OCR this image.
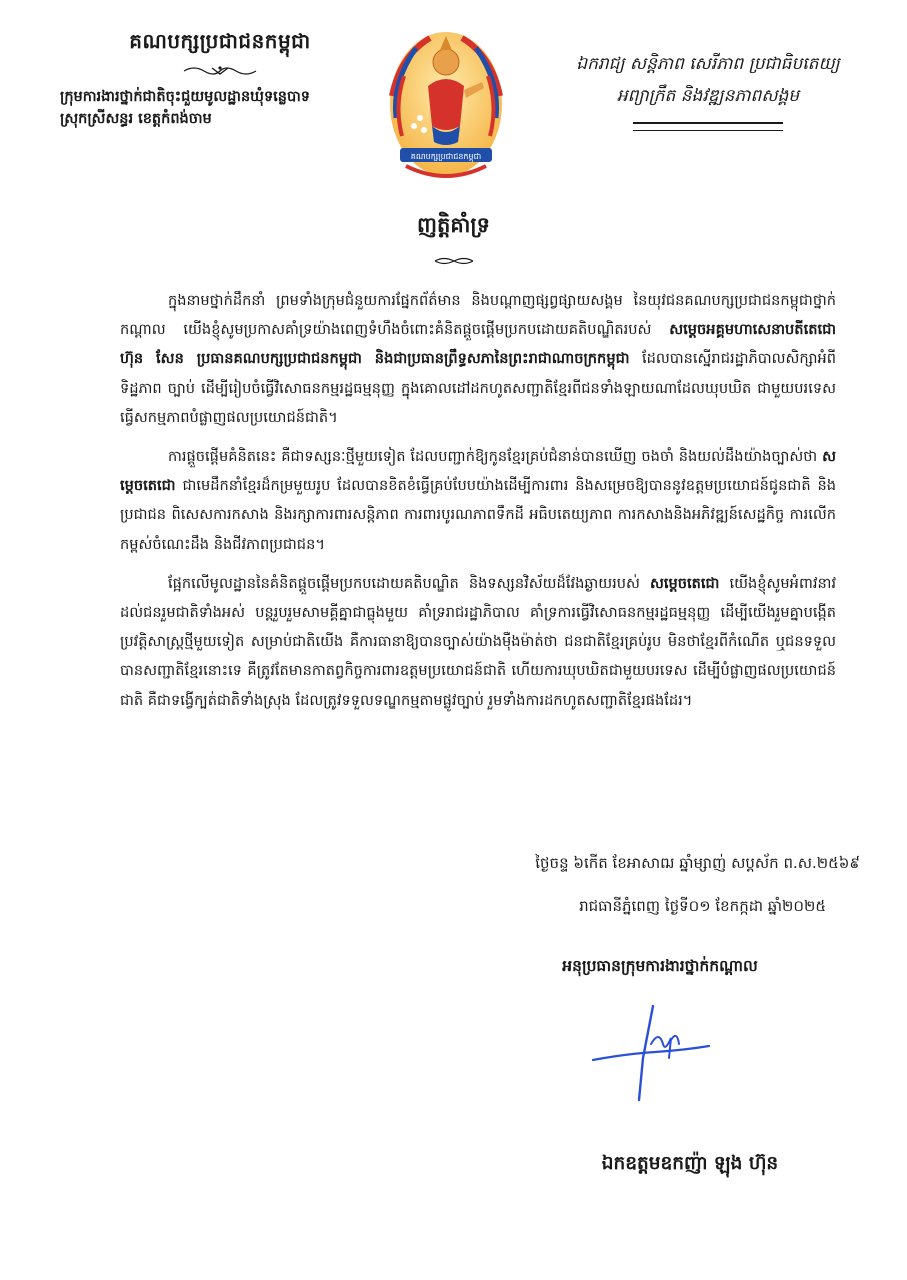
គណបក្សប្រជាជនកម្ពុជា
ក្រុមការងារថ្នាក់ជាតិចុះជួយមូលដ្ឋានឃុំទន្លេបាទ
ស្រុកស្រីសន្ធរ ខេត្តកំពង់ចាម
គណបក្សប្រជាជនកម្ពុជា
ឯករាជ្យ សន្តិភាព សេរីភាព ប្រជាធិបតេយ្យ
អព្យាក្រឹត និងវឌ្ឍនភាពសង្គម
ញត្តិគាំទ្រ

ក្នុងនាមថ្នាក់ដឹកនាំ ព្រមទាំងក្រុមជំនួយការផ្នែកព័ត៌មាន និងបណ្តាញផ្សព្វផ្សាយសង្គម នៃយុវជនគណបក្សប្រជាជនកម្ពុជាថ្នាក់កណ្តាល យើងខ្ញុំសូមប្រកាសគាំទ្រយ៉ាងពេញទំហឹងចំពោះគំនិតផ្តួចផ្តើមប្រកបដោយគតិបណ្ឌិតរបស់ សម្តេចអគ្គមហាសេនាបតីតេជោ ហ៊ុន សែន ប្រធានគណបក្សប្រជាជនកម្ពុជា និងជាប្រធានព្រឹទ្ធសភានៃព្រះរាជាណាចក្រកម្ពុជា ដែលបានស្នើរាជរដ្ឋាភិបាលសិក្សាអំពីទិដ្ឋភាព ច្បាប់ ដើម្បីរៀបចំធ្វើវិសោធនកម្មរដ្ឋធម្មនុញ្ញ ក្នុងគោលដៅដកហូតសញ្ជាតិខ្មែរពីជនទាំងឡាយណាដែលឃុបឃិត ជាមួយបរទេស ធ្វើសកម្មភាពបំផ្លាញផលប្រយោជន៍ជាតិ។

ការផ្តួចផ្តើមគំនិតនេះ គឺជាទស្សនៈថ្មីមួយទៀត ដែលបញ្ជាក់ឱ្យកូនខ្មែរគ្រប់ជំនាន់បានឃើញ ចងចាំ និងយល់ដឹងយ៉ាងច្បាស់ថា សម្តេចតេជោ ជាមេដឹកនាំខ្មែរដ៏កម្រមួយរូប ដែលបានខិតខំធ្វើគ្រប់បែបយ៉ាងដើម្បីការពារ និងសម្រេចឱ្យបាននូវឧត្តមប្រយោជន៍ជូនជាតិ និងប្រជាជន ពិសេសការកសាង និងរក្សាការពារសន្តិភាព ការពារបូរណភាពទឹកដី អធិបតេយ្យភាព ការកសាងនិងអភិវឌ្ឍន៍សេដ្ឋកិច្ច ការលើកកម្ពស់ចំណេះដឹង និងជីវភាពប្រជាជន។

ផ្អែកលើមូលដ្ឋាននៃគំនិតផ្តួចផ្តើមប្រកបដោយគតិបណ្ឌិត និងទស្សនវិស័យដ៏វែងឆ្ងាយរបស់ សម្តេចតេជោ យើងខ្ញុំសូមអំពាវនាវដល់ជនរួមជាតិទាំងអស់ បន្តរួបរួមសាមគ្គីគ្នាជាធ្លុងមួយ គាំទ្ររាជរដ្ឋាភិបាល គាំទ្រការធ្វើវិសោធនកម្មរដ្ឋធម្មនុញ្ញ ដើម្បីយើងរួមគ្នាបង្កើតប្រវត្តិសាស្ត្រថ្មីមួយទៀត សម្រាប់ជាតិយើង គឺការធានាឱ្យបានច្បាស់យ៉ាងម៉ឺងម៉ាត់ថា ជនជាតិខ្មែរគ្រប់រូប មិនថាខ្មែរពីកំណើត ឬជនទទួលបានសញ្ជាតិខ្មែរនោះទេ គឺត្រូវតែមានកាតព្វកិច្ចការពារឧត្តមប្រយោជន៍ជាតិ ហើយការឃុបឃិតជាមួយបរទេស ដើម្បីបំផ្លាញផលប្រយោជន៍ជាតិ គឺជាទង្វើក្បត់ជាតិទាំងស្រុង ដែលត្រូវទទួលទណ្ឌកម្មតាមផ្លូវច្បាប់ រួមទាំងការដកហូតសញ្ជាតិខ្មែរផងដែរ។

ថ្ងៃចន្ទ ៦កើត ខែអាសាឍ ឆ្នាំម្សាញ់ សប្តស័ក ព.ស.២៥៦៩
រាជធានីភ្នំពេញ ថ្ងៃទី០១ ខែកក្កដា ឆ្នាំ២០២៥
អនុប្រធានក្រុមការងារថ្នាក់កណ្តាល
ឯកឧត្តមឧកញ៉ា ឡុង ហ៊ុន
